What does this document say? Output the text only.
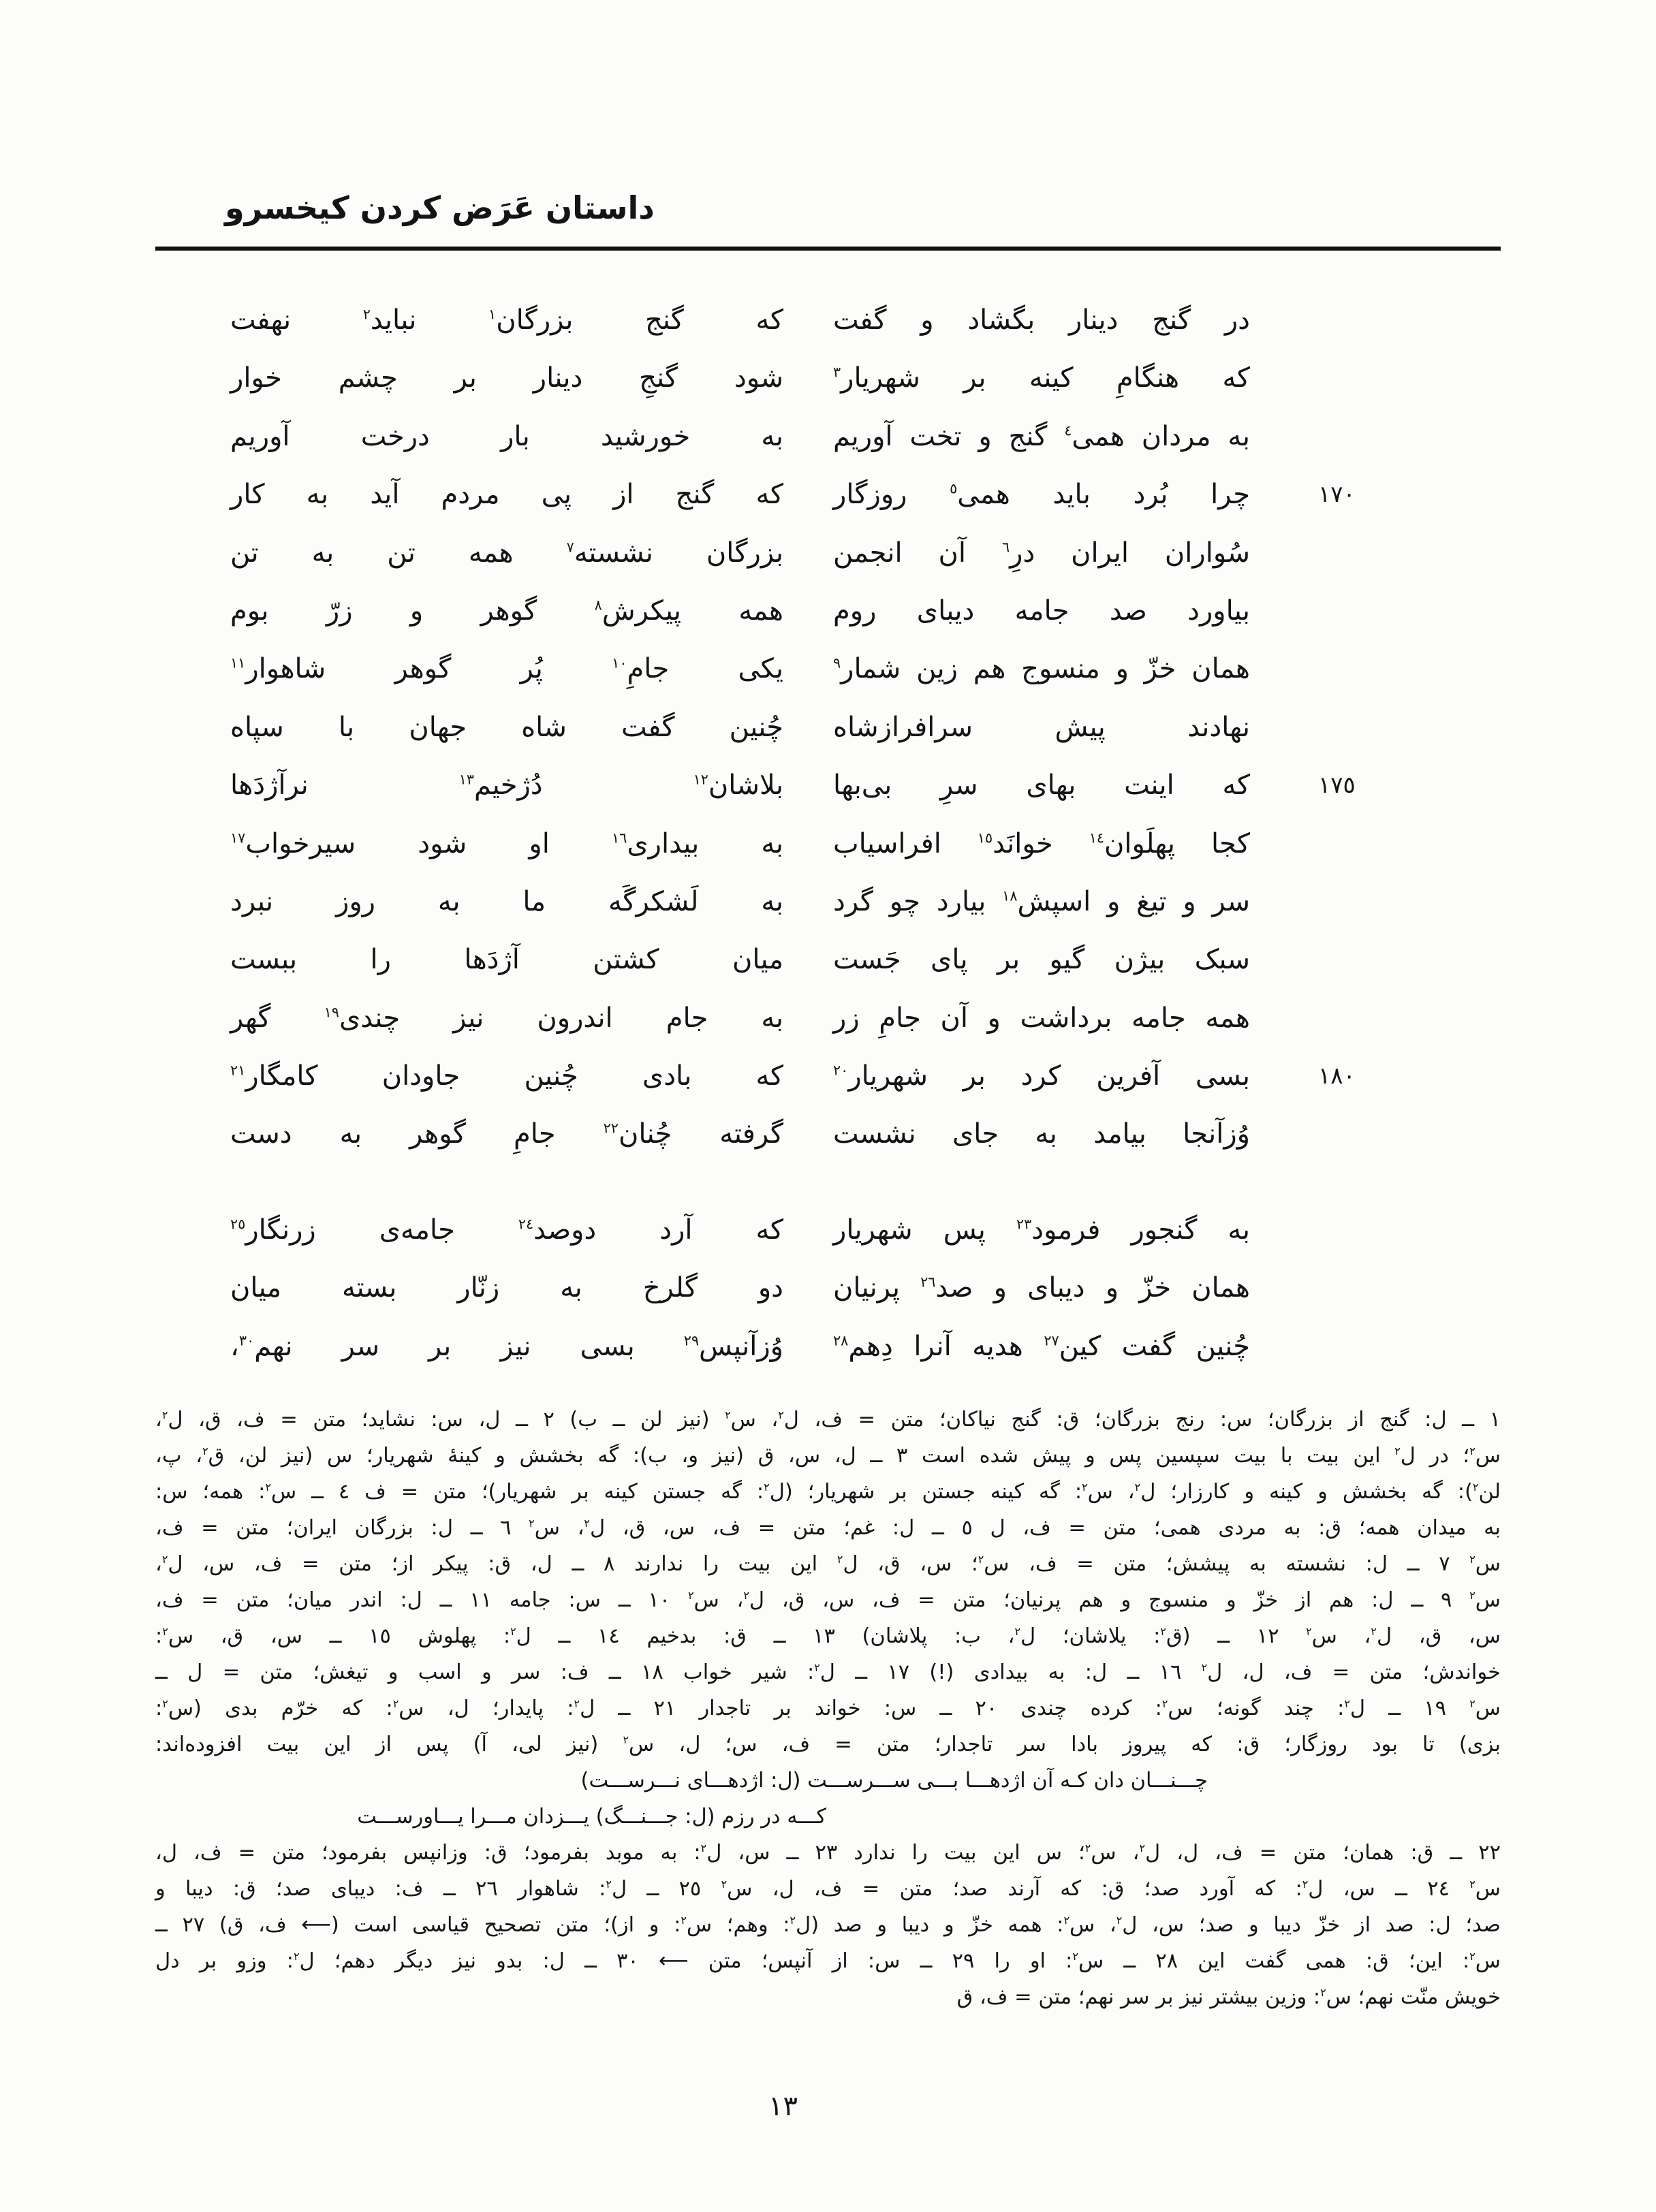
داستان عَرَض کردن کیخسرو
در گنج دینار بگشاد و گفت
که گنج بزرگان$^١$ نباید$^٢$ نهفت
که هنگامِ کینه بر شهریار$^٣$
شود گنجِ دینار بر چشم خوار
به مردان همی$^٤$ گنج و تخت آوریم
به خورشید بار درخت آوریم
١٧٠
چرا بُرد باید همی$^٥$ روزگار
که گنج از پی مردم آید به کار
سُواران ایران درِ$^٦$ آن انجمن
بزرگان نشسته$^٧$ همه تن به تن
بیاورد صد جامه دیبای روم
همه پیکرش$^٨$ گوهر و زرّ بوم
همان خزّ و منسوج هم زین شمار$^٩$
یکی جامِ$^{١٠}$ پُر گوهر شاهوار$^{١١}$
نهادند پیش سرافرازشاه
چُنین گفت شاه جهان با سپاه
١٧٥
که اینت بهای سرِ بی‌بها
بلاشان$^{١٢}$ دُژخیم$^{١٣}$ نرآژدَها
کجا پهلَوان$^{١٤}$ خوانَد$^{١٥}$ افراسیاب
به بیداری$^{١٦}$ او شود سیرخواب$^{١٧}$
سر و تیغ و اسپش$^{١٨}$ بیارد چو گرد
به لَشکرگَه ما به روز نبرد
سبک بیژن گیو بر پای جَست
میان کشتن آژدَها را ببست
همه جامه برداشت و آن جامِ زر
به جام اندرون نیز چندی$^{١٩}$ گهر
١٨٠
بسی آفرین کرد بر شهریار$^{٢٠}$
که بادی چُنین جاودان کامگار$^{٢١}$
وُزآنجا بیامد به جای نشست
گرفته چُنان$^{٢٢}$ جامِ گوهر به دست
به گنجور فرمود$^{٢٣}$ پس شهریار
که آرد دوصد$^{٢٤}$ جامه‌ی زرنگار$^{٢٥}$
همان خزّ و دیبای و صد$^{٢٦}$ پرنیان
دو گلرخ به زنّار بسته میان
چُنین گفت کین$^{٢٧}$ هدیه آنرا دِهم$^{٢٨}$
وُزآنپس$^{٢٩}$ بسی نیز بر سر نهم$^{٣٠}$،
١ ــ ل: گنج از بزرگان؛ س: رنج بزرگان؛ ق: گنج نیاکان؛ متن = ف، ل$^٢$، س$^٢$ (نیز لن ــ ب) ٢ ــ ل، س: نشاید؛ متن = ف، ق، ل$^٢$،
س$^٢$؛ در ل$^٢$ این بیت با بیت سپسین پس و پیش شده است ٣ ــ ل، س، ق (نیز و، ب): گه بخشش و کینهٔ شهریار؛ س (نیز لن، ق$^٢$، پ،
لن$^٢$): گه بخشش و کینه و کارزار؛ ل$^٢$، س$^٢$: گه کینه جستن بر شهریار؛ (ل$^٢$: گه جستن کینه بر شهریار)؛ متن = ف ٤ ــ س$^٢$: همه؛ س:
به میدان همه؛ ق: به مردی همی؛ متن = ف، ل ٥ ــ ل: غم؛ متن = ف، س، ق، ل$^٢$، س$^٢$ ٦ ــ ل: بزرگان ایران؛ متن = ف،
س$^٢$ ٧ ــ ل: نشسته به پیشش؛ متن = ف، س$^٢$؛ س، ق، ل$^٢$ این بیت را ندارند ٨ ــ ل، ق: پیکر از؛ متن = ف، س، ل$^٢$،
س$^٢$ ٩ ــ ل: هم از خزّ و منسوج و هم پرنیان؛ متن = ف، س، ق، ل$^٢$، س$^٢$ ١٠ ــ س: جامه ١١ ــ ل: اندر میان؛ متن = ف،
س، ق، ل$^٢$، س$^٢$ ١٢ ــ (ق$^٢$: یلاشان؛ ل$^٢$، ب: پلاشان) ١٣ ــ ق: بدخیم ١٤ ــ ل$^٢$: پهلوش ١٥ ــ س، ق، س$^٢$:
خواندش؛ متن = ف، ل، ل$^٢$ ١٦ ــ ل: به بیدادی (!) ١٧ ــ ل$^٢$: شیر خواب ١٨ ــ ف: سر و اسب و تیغش؛ متن = ل ــ
س$^٢$ ١٩ ــ ل$^٢$: چند گونه؛ س$^٢$: کرده چندی ٢٠ ــ س: خواند بر تاجدار ٢١ ــ ل$^٢$: پایدار؛ ل، س$^٢$: که خرّم بدی (س$^٢$:
بزی) تا بود روزگار؛ ق: که پیروز بادا سر تاجدار؛ متن = ف، س؛ ل، س$^٢$ (نیز لی، آ) پس از این بیت افزوده‌اند:
چـــنـــان دان کـه آن اژدهـــا بـــی ســـرســـت (ل: اژدهـــای نـــرســـت)
کـــه در رزم (ل: جـــنـــگ) یـــزدان مـــرا یـــاورســـت
٢٢ ــ ق: همان؛ متن = ف، ل، ل$^٢$، س$^٢$؛ س این بیت را ندارد ٢٣ ــ س، ل$^٢$: به موبد بفرمود؛ ق: وزانپس بفرمود؛ متن = ف، ل،
س$^٢$ ٢٤ ــ س، ل$^٢$: که آورد صد؛ ق: که آرند صد؛ متن = ف، ل، س$^٢$ ٢٥ ــ ل$^٢$: شاهوار ٢٦ ــ ف: دیبای صد؛ ق: دیبا و
صد؛ ل: صد از خزّ دیبا و صد؛ س، ل$^٢$، س$^٢$: همه خزّ و دیبا و صد (ل$^٢$: وهم؛ س$^٢$: و از)؛ متن تصحیح قیاسی است (⟵ ف، ق) ٢٧ ــ
س$^٢$: این؛ ق: همی گفت این ٢٨ ــ س$^٢$: او را ٢٩ ــ س: از آنپس؛ متن ⟵ ٣٠ ــ ل: بدو نیز دیگر دهم؛ ل$^٢$: وزو بر دل
خویش منّت نهم؛ س$^٢$: وزین بیشتر نیز بر سر نهم؛ متن = ف، ق
١٣
